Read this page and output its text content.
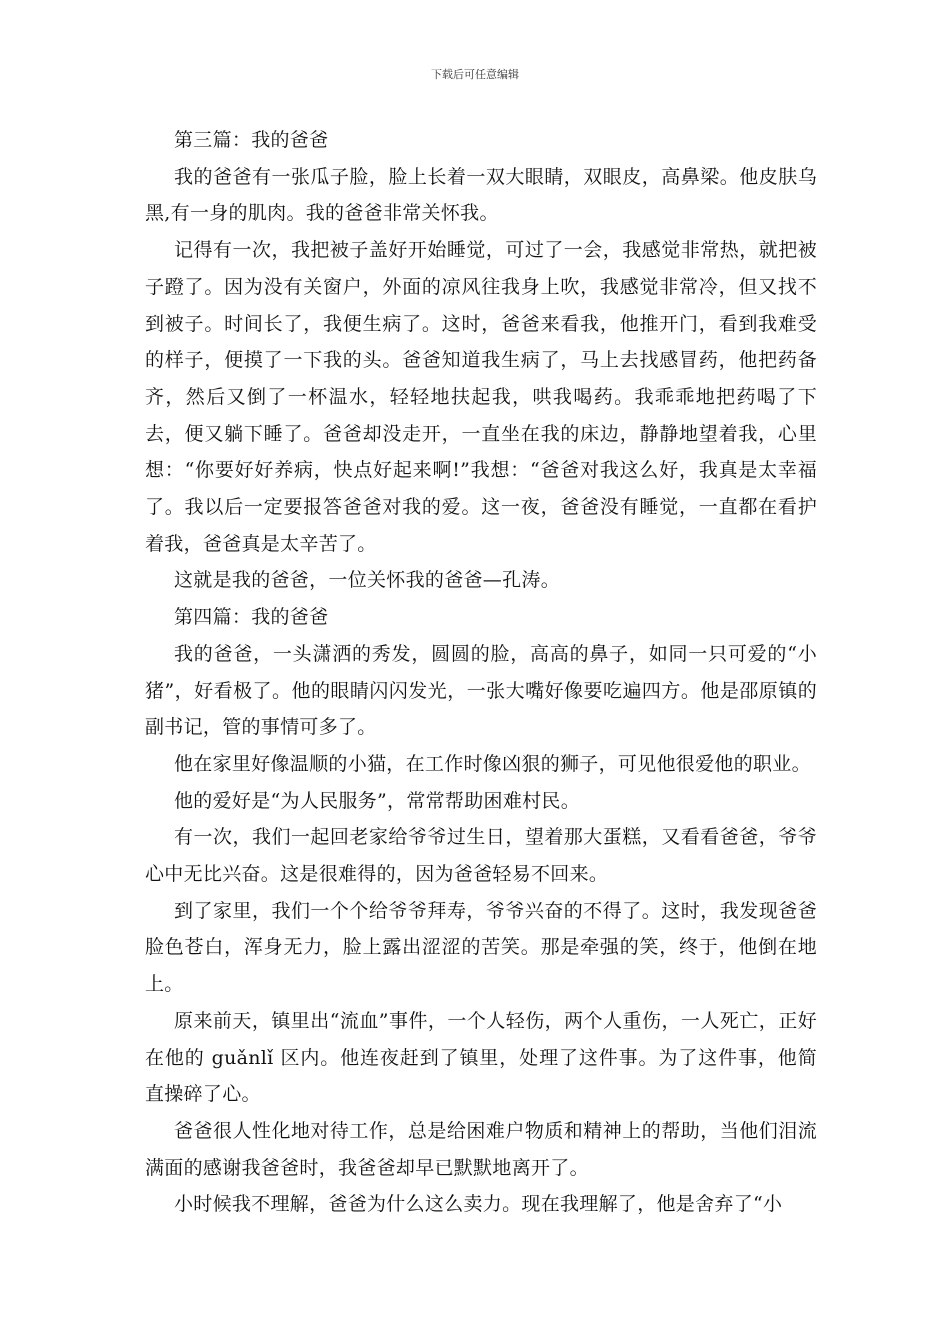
下载后可任意编辑

第三篇：我的爸爸

我的爸爸有一张瓜子脸，脸上长着一双大眼睛，双眼皮，高鼻梁。他皮肤乌黑,有一身的肌肉。我的爸爸非常关怀我。

记得有一次，我把被子盖好开始睡觉，可过了一会，我感觉非常热，就把被子蹬了。因为没有关窗户，外面的凉风往我身上吹，我感觉非常冷，但又找不到被子。时间长了，我便生病了。这时，爸爸来看我，他推开门，看到我难受的样子，便摸了一下我的头。爸爸知道我生病了，马上去找感冒药，他把药备齐，然后又倒了一杯温水，轻轻地扶起我，哄我喝药。我乖乖地把药喝了下去，便又躺下睡了。爸爸却没走开，一直坐在我的床边，静静地望着我，心里想：“你要好好养病，快点好起来啊!”我想：“爸爸对我这么好，我真是太幸福了。我以后一定要报答爸爸对我的爱。这一夜，爸爸没有睡觉，一直都在看护着我，爸爸真是太辛苦了。

这就是我的爸爸，一位关怀我的爸爸—孔涛。

第四篇：我的爸爸

我的爸爸，一头潇洒的秀发，圆圆的脸，高高的鼻子，如同一只可爱的“小猪”，好看极了。他的眼睛闪闪发光，一张大嘴好像要吃遍四方。他是邵原镇的副书记，管的事情可多了。

他在家里好像温顺的小猫，在工作时像凶狠的狮子，可见他很爱他的职业。

他的爱好是“为人民服务”，常常帮助困难村民。

有一次，我们一起回老家给爷爷过生日，望着那大蛋糕，又看看爸爸，爷爷心中无比兴奋。这是很难得的，因为爸爸轻易不回来。

到了家里，我们一个个给爷爷拜寿，爷爷兴奋的不得了。这时，我发现爸爸脸色苍白，浑身无力，脸上露出涩涩的苦笑。那是牵强的笑，终于，他倒在地上。

原来前天，镇里出“流血”事件，一个人轻伤，两个人重伤，一人死亡，正好在他的 guǎnlǐ 区内。他连夜赶到了镇里，处理了这件事。为了这件事，他简直操碎了心。

爸爸很人性化地对待工作，总是给困难户物质和精神上的帮助，当他们泪流满面的感谢我爸爸时，我爸爸却早已默默地离开了。

小时候我不理解，爸爸为什么这么卖力。现在我理解了，他是舍弃了“小
